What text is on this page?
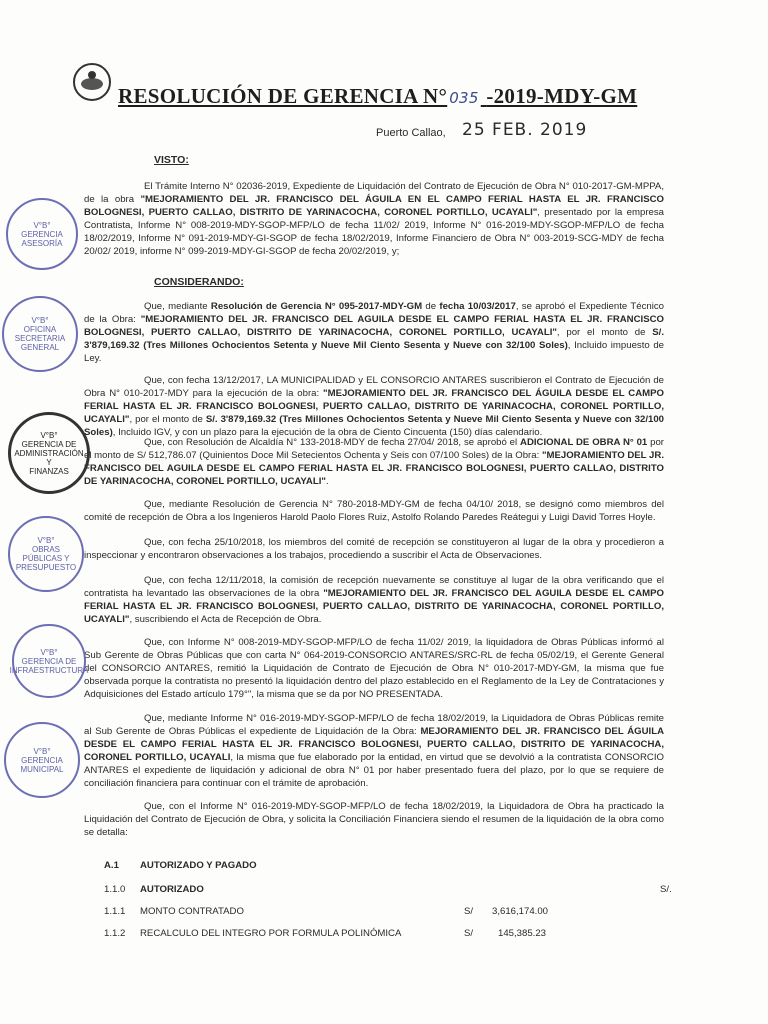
RESOLUCIÓN DE GERENCIA N° 035 -2019-MDY-GM
Puerto Callao, 25 FEB. 2019
VISTO:

El Trámite Interno N° 02036-2019, Expediente de Liquidación del Contrato de Ejecución de Obra N° 010-2017-GM-MPPA, de la obra "MEJORAMIENTO DEL JR. FRANCISCO DEL ÁGUILA EN EL CAMPO FERIAL HASTA EL JR. FRANCISCO BOLOGNESI, PUERTO CALLAO, DISTRITO DE YARINACOCHA, CORONEL PORTILLO, UCAYALI", presentado por la empresa Contratista, Informe N° 008-2019-MDY-SGOP-MFP/LO de fecha 11/02/ 2019, Informe N° 016-2019-MDY-SGOP-MFP/LO de fecha 18/02/2019, Informe N° 091-2019-MDY-GI-SGOP de fecha 18/02/2019, Informe Financiero de Obra N° 003-2019-SCG-MDY de fecha 20/02/ 2019, informe N° 099-2019-MDY-GI-SGOP de fecha 20/02/2019, y;

CONSIDERANDO:

Que, mediante Resolución de Gerencia N° 095-2017-MDY-GM de fecha 10/03/2017, se aprobó el Expediente Técnico de la Obra: "MEJORAMIENTO DEL JR. FRANCISCO DEL AGUILA DESDE EL CAMPO FERIAL HASTA EL JR. FRANCISCO BOLOGNESI, PUERTO CALLAO, DISTRITO DE YARINACOCHA, CORONEL PORTILLO, UCAYALI", por el monto de S/. 3'879,169.32 (Tres Millones Ochocientos Setenta y Nueve Mil Ciento Sesenta y Nueve con 32/100 Soles), Incluido impuesto de Ley.

Que, con fecha 13/12/2017, LA MUNICIPALIDAD y EL CONSORCIO ANTARES suscribieron el Contrato de Ejecución de Obra N° 010-2017-MDY para la ejecución de la obra: "MEJORAMIENTO DEL JR. FRANCISCO DEL ÁGUILA DESDE EL CAMPO FERIAL HASTA EL JR. FRANCISCO BOLOGNESI, PUERTO CALLAO, DISTRITO DE YARINACOCHA, CORONEL PORTILLO, UCAYALI", por el monto de S/. 3'879,169.32 (Tres Millones Ochocientos Setenta y Nueve Mil Ciento Sesenta y Nueve con 32/100 Soles), Incluido IGV, y con un plazo para la ejecución de la obra de Ciento Cincuenta (150) días calendario.

Que, con Resolución de Alcaldía N° 133-2018-MDY de fecha 27/04/ 2018, se aprobó el ADICIONAL DE OBRA N° 01 por el monto de S/ 512,786.07 (Quinientos Doce Mil Setecientos Ochenta y Seis con 07/100 Soles) de la Obra: "MEJORAMIENTO DEL JR. FRANCISCO DEL AGUILA DESDE EL CAMPO FERIAL HASTA EL JR. FRANCISCO BOLOGNESI, PUERTO CALLAO, DISTRITO DE YARINACOCHA, CORONEL PORTILLO, UCAYALI".

Que, mediante Resolución de Gerencia N° 780-2018-MDY-GM de fecha 04/10/ 2018, se designó como miembros del comité de recepción de Obra a los Ingenieros Harold Paolo Flores Ruiz, Astolfo Rolando Paredes Reátegui y Luigi David Torres Hoyle.

Que, con fecha 25/10/2018, los miembros del comité de recepción se constituyeron al lugar de la obra y procedieron a inspeccionar y encontraron observaciones a los trabajos, procediendo a suscribir el Acta de Observaciones.

Que, con fecha 12/11/2018, la comisión de recepción nuevamente se constituye al lugar de la obra verificando que el contratista ha levantado las observaciones de la obra "MEJORAMIENTO DEL JR. FRANCISCO DEL AGUILA DESDE EL CAMPO FERIAL HASTA EL JR. FRANCISCO BOLOGNESI, PUERTO CALLAO, DISTRITO DE YARINACOCHA, CORONEL PORTILLO, UCAYALI", suscribiendo el Acta de Recepción de Obra.

Que, con Informe N° 008-2019-MDY-SGOP-MFP/LO de fecha 11/02/ 2019, la liquidadora de Obras Públicas informó al Sub Gerente de Obras Públicas que con carta N° 064-2019-CONSORCIO ANTARES/SRC-RL de fecha 05/02/19, el Gerente General del CONSORCIO ANTARES, remitió la Liquidación de Contrato de Ejecución de Obra N° 010-2017-MDY-GM, la misma que fue observada porque la contratista no presentó la liquidación dentro del plazo establecido en el Reglamento de la Ley de Contrataciones y Adquisiciones del Estado artículo 179°", la misma que se da por NO PRESENTADA.

Que, mediante Informe N° 016-2019-MDY-SGOP-MFP/LO de fecha 18/02/2019, la Liquidadora de Obras Públicas remite al Sub Gerente de Obras Públicas el expediente de Liquidación de la Obra: MEJORAMIENTO DEL JR. FRANCISCO DEL ÁGUILA DESDE EL CAMPO FERIAL HASTA EL JR. FRANCISCO BOLOGNESI, PUERTO CALLAO, DISTRITO DE YARINACOCHA, CORONEL PORTILLO, UCAYALI, la misma que fue elaborado por la entidad, en virtud que se devolvió a la contratista CONSORCIO ANTARES el expediente de liquidación y adicional de obra N° 01 por haber presentado fuera del plazo, por lo que se requiere de conciliación financiera para continuar con el trámite de aprobación.

Que, con el Informe N° 016-2019-MDY-SGOP-MFP/LO de fecha 18/02/2019, la Liquidadora de Obra ha practicado la Liquidación del Contrato de Ejecución de Obra, y solicita la Conciliación Financiera siendo el resumen de la liquidación de la obra como se detalla:

A.1 AUTORIZADO Y PAGADO
1.1.0 AUTORIZADO	S/.
1.1.1 MONTO CONTRATADO	S/ 3,616,174.00
1.1.2 RECALCULO DEL INTEGRO POR FORMULA POLINÓMICA	S/	145,385.23
V°B°
GERENCIA
ASESORÍA
V°B°
OFICINA
SECRETARIA
GENERAL
V°B°
GERENCIA DE
ADMINISTRACIÓN Y
FINANZAS
V°B°
OBRAS
PÚBLICAS Y
PRESUPUESTO
V°B°
GERENCIA DE
INFRAESTRUCTURA
V°B°
GERENCIA
MUNICIPAL
